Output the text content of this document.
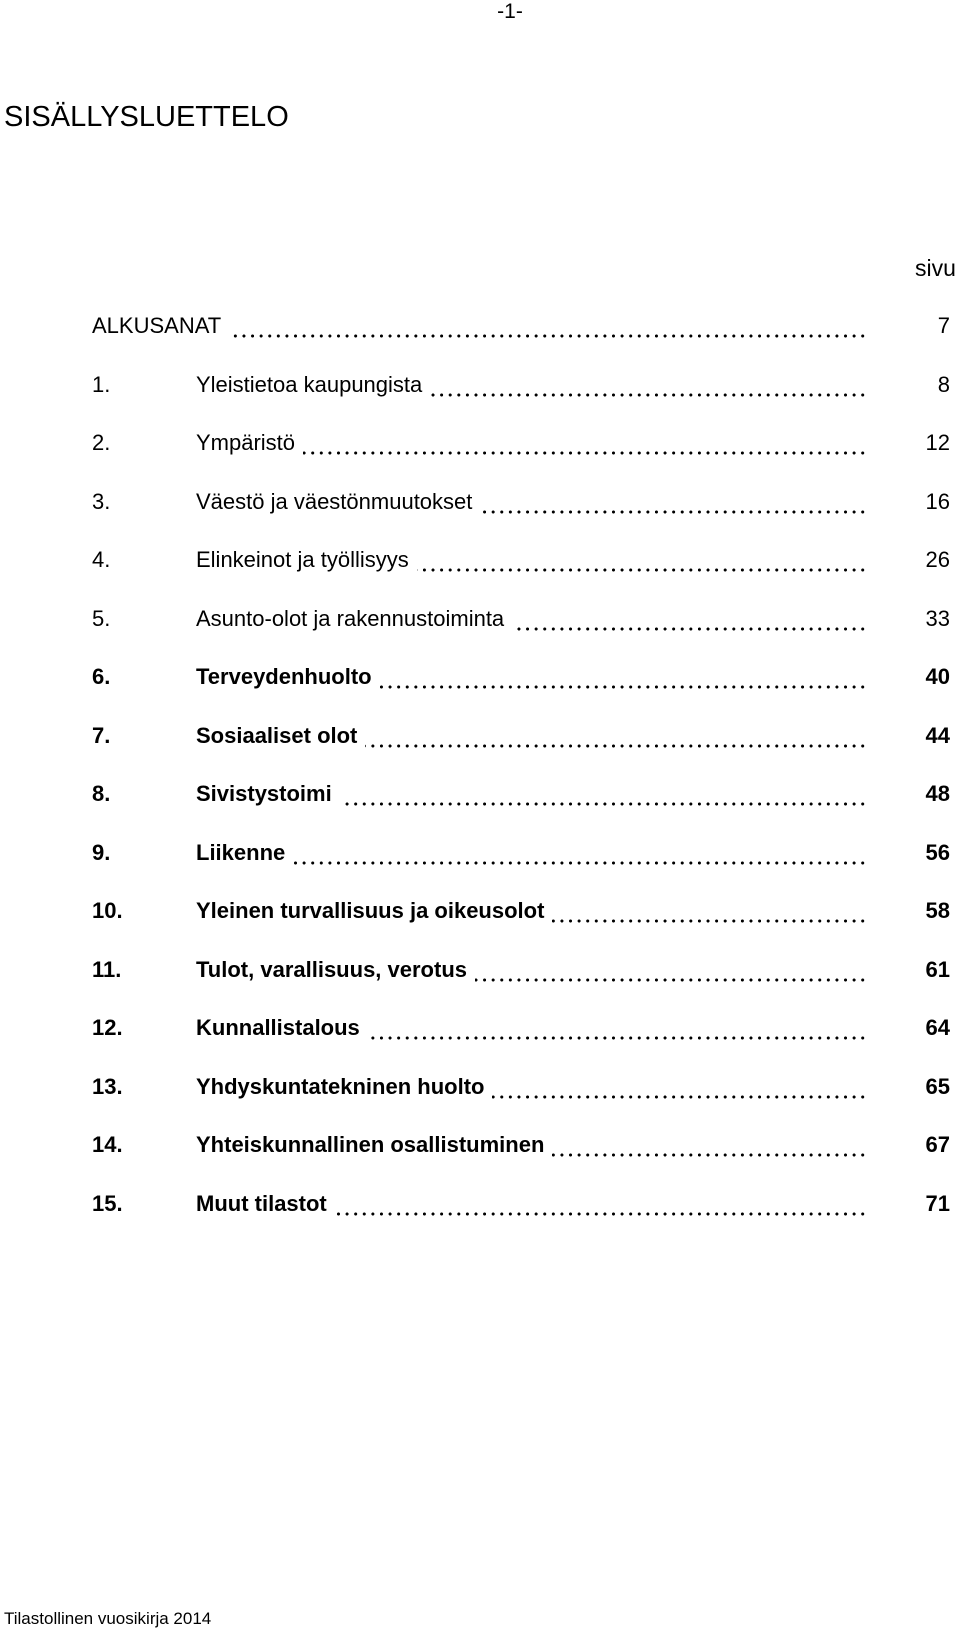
-1-
SISÄLLYSLUETTELO
sivu
ALKUSANAT	7
1.	Yleistietoa kaupungista	8
2.	Ympäristö	12
3.	Väestö ja väestönmuutokset	16
4.	Elinkeinot ja työllisyys	26
5.	Asunto-olot ja rakennustoiminta	33
6.	Terveydenhuolto	40
7.	Sosiaaliset olot	44
8.	Sivistystoimi	48
9.	Liikenne	56
10.	Yleinen turvallisuus ja oikeusolot	58
11.	Tulot, varallisuus, verotus	61
12.	Kunnallistalous	64
13.	Yhdyskuntatekninen huolto	65
14.	Yhteiskunnallinen osallistuminen	67
15.	Muut tilastot	71
Tilastollinen vuosikirja 2014
